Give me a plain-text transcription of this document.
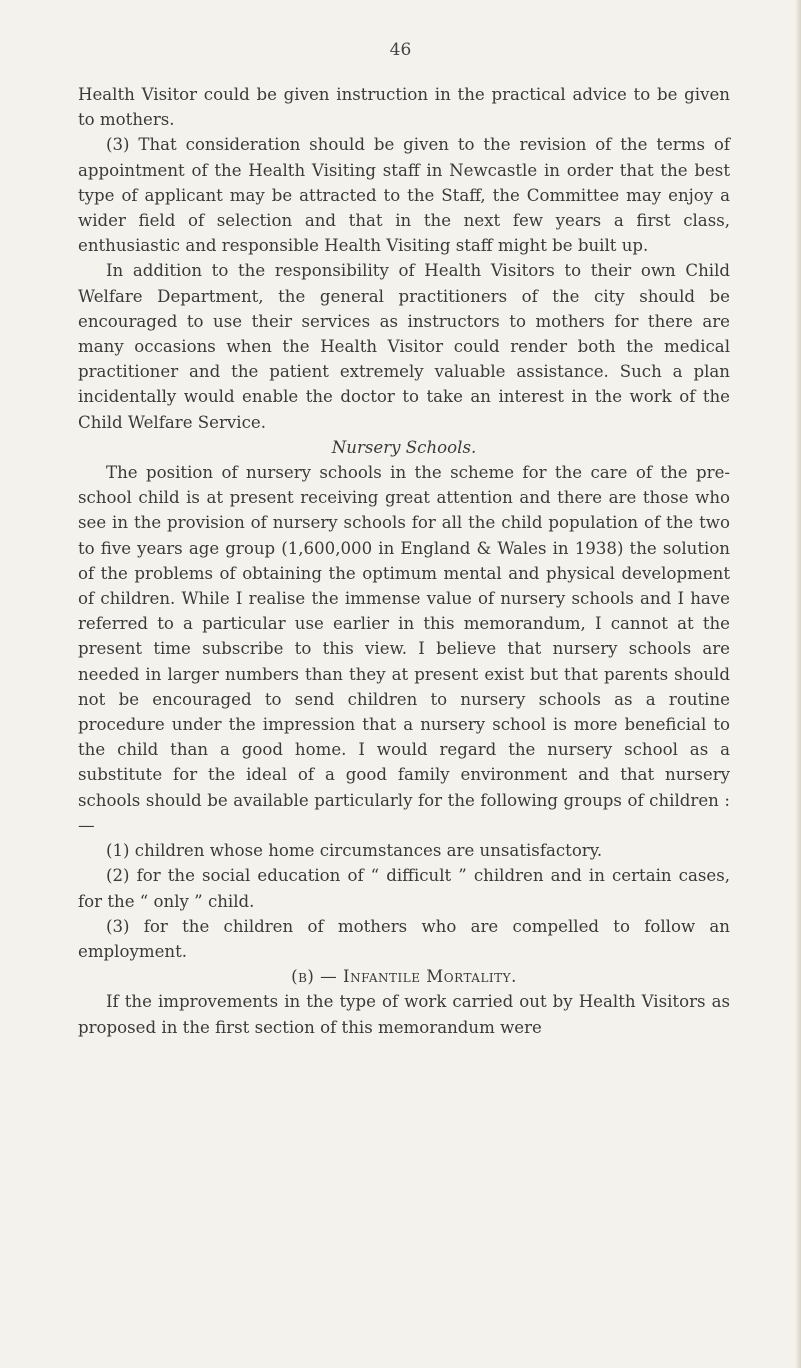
46

Health Visitor could be given instruction in the practical advice to be given to mothers.

(3) That consideration should be given to the revision of the terms of appointment of the Health Visiting staff in Newcastle in order that the best type of applicant may be attracted to the Staff, the Committee may enjoy a wider field of selection and that in the next few years a first class, enthusiastic and responsible Health Visiting staff might be built up.

In addition to the responsibility of Health Visitors to their own Child Welfare Department, the general practitioners of the city should be encouraged to use their services as instructors to mothers for there are many occasions when the Health Visitor could render both the medical practitioner and the patient extremely valuable assistance. Such a plan incidentally would enable the doctor to take an interest in the work of the Child Welfare Service.

Nursery Schools.

The position of nursery schools in the scheme for the care of the pre-school child is at present receiving great attention and there are those who see in the provision of nursery schools for all the child population of the two to five years age group (1,600,000 in England & Wales in 1938) the solution of the problems of obtaining the optimum mental and physical development of children. While I realise the immense value of nursery schools and I have referred to a particular use earlier in this memorandum, I cannot at the present time subscribe to this view. I believe that nursery schools are needed in larger numbers than they at present exist but that parents should not be encouraged to send children to nursery schools as a routine procedure under the impression that a nursery school is more beneficial to the child than a good home. I would regard the nursery school as a substitute for the ideal of a good family environment and that nursery schools should be available particularly for the following groups of children :—

(1) children whose home circumstances are unsatisfactory.

(2) for the social education of “ difficult ” children and in certain cases, for the “ only ” child.

(3) for the children of mothers who are compelled to follow an employment.

(b) — Infantile Mortality.

If the improvements in the type of work carried out by Health Visitors as proposed in the first section of this memorandum were
